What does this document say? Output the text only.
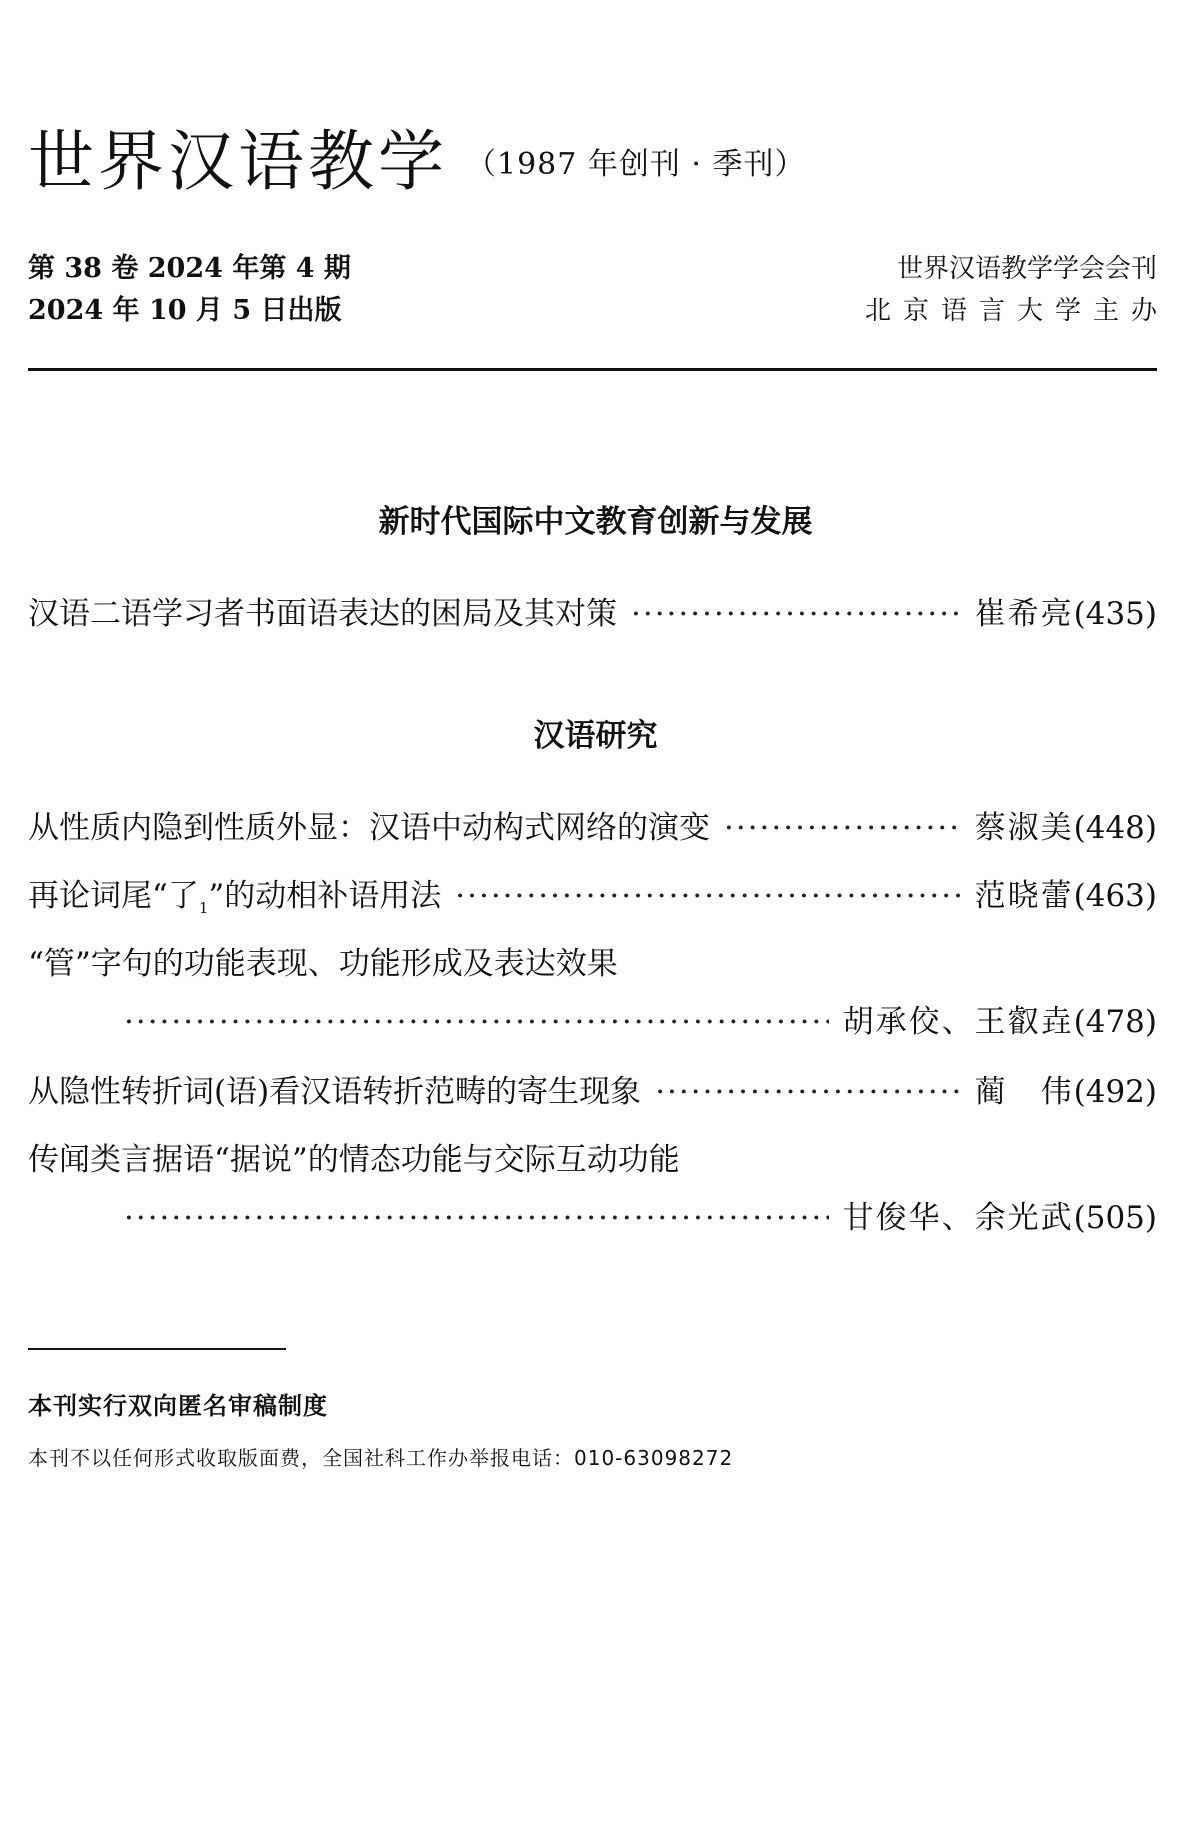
世界汉语教学 （1987 年创刊 · 季刊）
第 38 卷 2024 年第 4 期
2024 年 10 月 5 日出版
世界汉语教学学会会刊
北京语言大学主办
新时代国际中文教育创新与发展
汉语二语学习者书面语表达的困局及其对策 ·····	崔希亮 (435)
汉语研究
从性质内隐到性质外显：汉语中动构式网络的演变 ·····	蔡淑美 (448)
再论词尾“了$_1$”的动相补语用法 ·····	范晓蕾 (463)
“管”字句的功能表现、功能形成及表达效果
·····
胡承佼、王叡垚 (478)
从隐性转折词(语)看汉语转折范畴的寄生现象 ·····	蔺　伟 (492)
传闻类言据语“据说”的情态功能与交际互动功能
·····
甘俊华、余光武 (505)
本刊实行双向匿名审稿制度
本刊不以任何形式收取版面费，全国社科工作办举报电话：010-63098272
